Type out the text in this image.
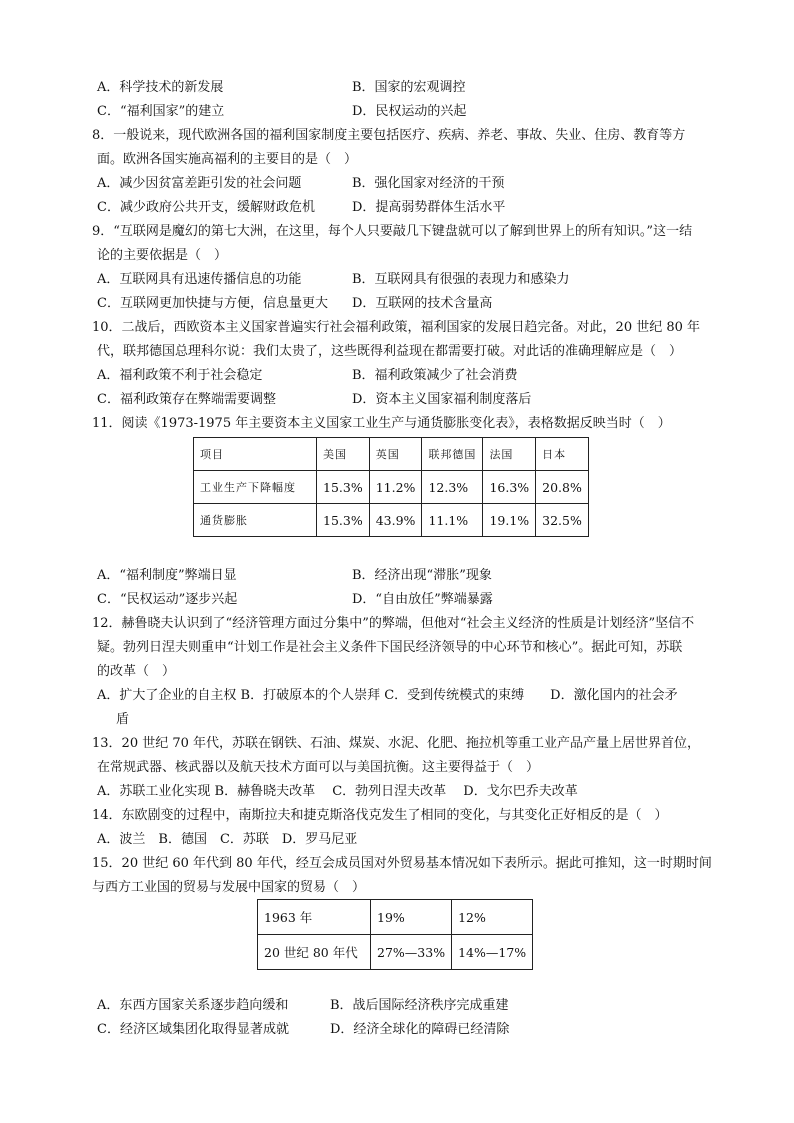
A．科学技术的新发展	B．国家的宏观调控
C．“福利国家”的建立	D．民权运动的兴起
8．一般说来，现代欧洲各国的福利国家制度主要包括医疗、疾病、养老、事故、失业、住房、教育等方
面。欧洲各国实施高福利的主要目的是（　）
A．减少因贫富差距引发的社会问题	B．强化国家对经济的干预
C．减少政府公共开支，缓解财政危机	D．提高弱势群体生活水平
9．“互联网是魔幻的第七大洲，在这里，每个人只要敲几下键盘就可以了解到世界上的所有知识。”这一结
论的主要依据是（　）
A．互联网具有迅速传播信息的功能	B．互联网具有很强的表现力和感染力
C．互联网更加快捷与方便，信息量更大 D．互联网的技术含量高
10．二战后，西欧资本主义国家普遍实行社会福利政策，福利国家的发展日趋完备。对此，20 世纪 80 年
代，联邦德国总理科尔说：我们太贵了，这些既得利益现在都需要打破。对此话的准确理解应是（　）
A．福利政策不利于社会稳定	B．福利政策减少了社会消费
C．福利政策存在弊端需要调整	D．资本主义国家福利制度落后
11．阅读《1973-1975 年主要资本主义国家工业生产与通货膨胀变化表》，表格数据反映当时（　）
项目	美国	英国	联邦德国	法国	日本
工业生产下降幅度	15.3%	11.2%	12.3%	16.3%	20.8%
通货膨胀	15.3%	43.9%	11.1%	19.1%	32.5%
A．“福利制度”弊端日显	B．经济出现“滞胀”现象
C．“民权运动”逐步兴起	D．“自由放任”弊端暴露
12．赫鲁晓夫认识到了“经济管理方面过分集中”的弊端，但他对“社会主义经济的性质是计划经济”坚信不
疑。勃列日涅夫则重申“计划工作是社会主义条件下国民经济领导的中心环节和核心”。据此可知，苏联
的改革（　）
A．扩大了企业的自主权 B．打破原本的个人崇拜 C．受到传统模式的束缚　　D．激化国内的社会矛
盾
13．20 世纪 70 年代，苏联在钢铁、石油、煤炭、水泥、化肥、拖拉机等重工业产品产量上居世界首位，
在常规武器、核武器以及航天技术方面可以与美国抗衡。这主要得益于（　）
A．苏联工业化实现 B．赫鲁晓夫改革　 C．勃列日涅夫改革　 D．戈尔巴乔夫改革
14．东欧剧变的过程中，南斯拉夫和捷克斯洛伐克发生了相同的变化，与其变化正好相反的是（　）
A．波兰　B．德国　C．苏联　D．罗马尼亚
15．20 世纪 60 年代到 80 年代，经互会成员国对外贸易基本情况如下表所示。据此可推知，这一时期时间
与西方工业国的贸易与发展中国家的贸易（　）
1963 年	19%	12%
20 世纪 80 年代	27%—33%	14%—17%
A．东西方国家关系逐步趋向缓和	B．战后国际经济秩序完成重建
C．经济区域集团化取得显著成就	D．经济全球化的障碍已经清除
